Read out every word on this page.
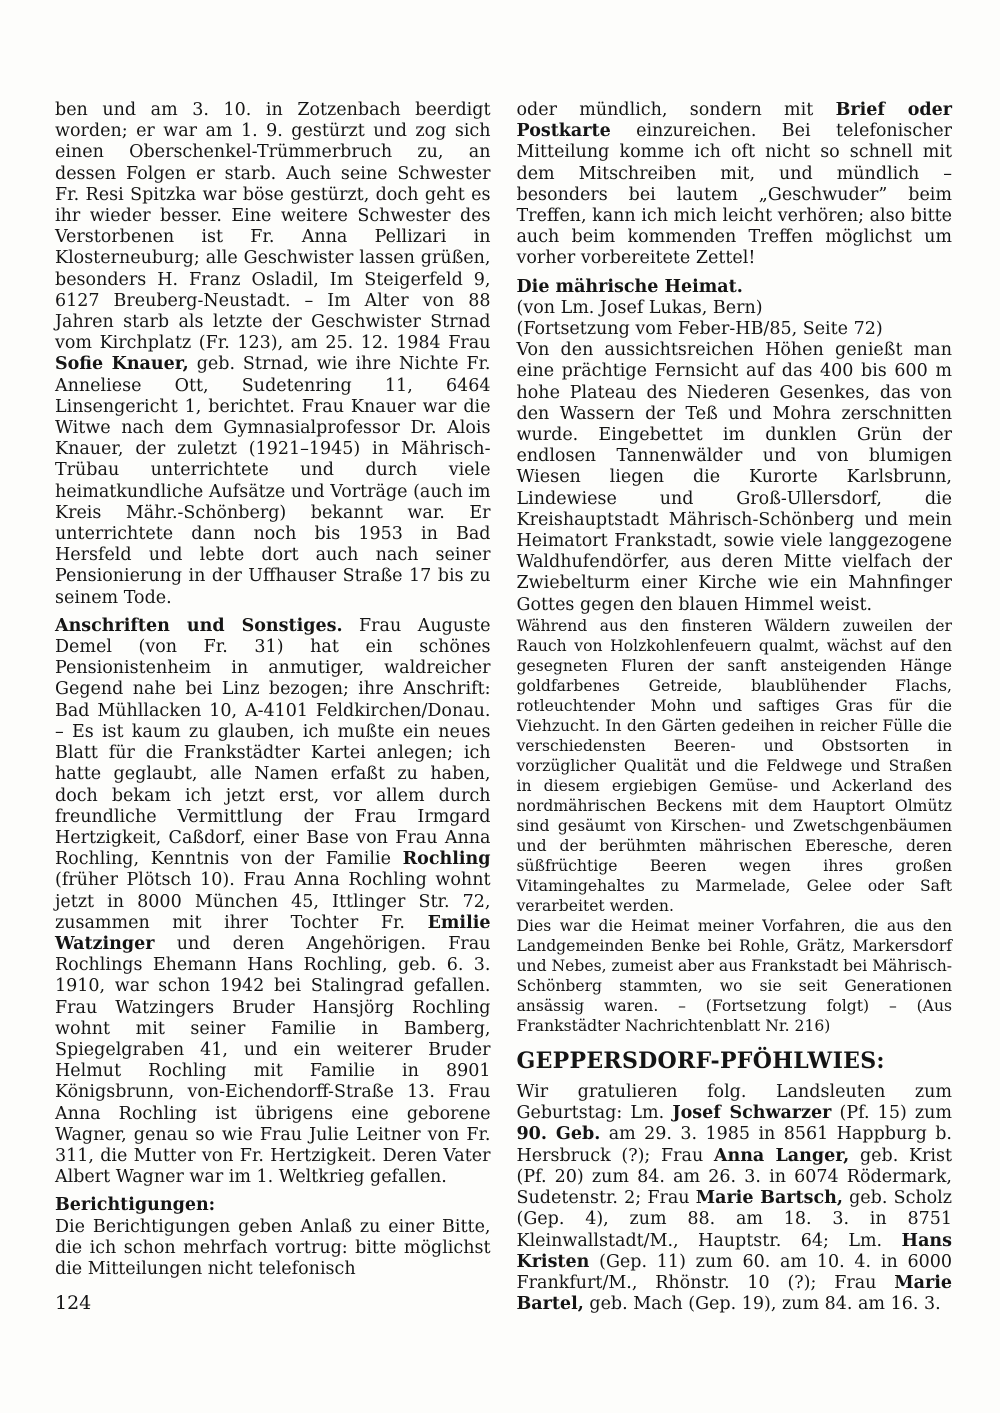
ben und am 3. 10. in Zotzenbach beerdigt worden; er war am 1. 9. gestürzt und zog sich einen Oberschenkel-Trümmerbruch zu, an dessen Folgen er starb. Auch seine Schwester Fr. Resi Spitzka war böse gestürzt, doch geht es ihr wieder besser. Eine weitere Schwester des Verstorbenen ist Fr. Anna Pellizari in Klosterneuburg; alle Geschwister lassen grüßen, besonders H. Franz Osladil, Im Steigerfeld 9, 6127 Breuberg-Neustadt. – Im Alter von 88 Jahren starb als letzte der Geschwister Strnad vom Kirchplatz (Fr. 123), am 25. 12. 1984 Frau Sofie Knauer, geb. Strnad, wie ihre Nichte Fr. Anneliese Ott, Sudetenring 11, 6464 Linsengericht 1, berichtet. Frau Knauer war die Witwe nach dem Gymnasialprofessor Dr. Alois Knauer, der zuletzt (1921–1945) in Mährisch-Trübau unterrichtete und durch viele heimatkundliche Aufsätze und Vorträge (auch im Kreis Mähr.-Schönberg) bekannt war. Er unterrichtete dann noch bis 1953 in Bad Hersfeld und lebte dort auch nach seiner Pensionierung in der Uffhauser Straße 17 bis zu seinem Tode.

Anschriften und Sonstiges. Frau Auguste Demel (von Fr. 31) hat ein schönes Pensionistenheim in anmutiger, waldreicher Gegend nahe bei Linz bezogen; ihre Anschrift: Bad Mühllacken 10, A-4101 Feldkirchen/Donau. – Es ist kaum zu glauben, ich mußte ein neues Blatt für die Frankstädter Kartei anlegen; ich hatte geglaubt, alle Namen erfaßt zu haben, doch bekam ich jetzt erst, vor allem durch freundliche Vermittlung der Frau Irmgard Hertzigkeit, Caßdorf, einer Base von Frau Anna Rochling, Kenntnis von der Familie Rochling (früher Plötsch 10). Frau Anna Rochling wohnt jetzt in 8000 München 45, Ittlinger Str. 72, zusammen mit ihrer Tochter Fr. Emilie Watzinger und deren Angehörigen. Frau Rochlings Ehemann Hans Rochling, geb. 6. 3. 1910, war schon 1942 bei Stalingrad gefallen. Frau Watzingers Bruder Hansjörg Rochling wohnt mit seiner Familie in Bamberg, Spiegelgraben 41, und ein weiterer Bruder Helmut Rochling mit Familie in 8901 Königsbrunn, von-Eichendorff-Straße 13. Frau Anna Rochling ist übrigens eine geborene Wagner, genau so wie Frau Julie Leitner von Fr. 311, die Mutter von Fr. Hertzigkeit. Deren Vater Albert Wagner war im 1. Weltkrieg gefallen.

Berichtigungen:

Die Berichtigungen geben Anlaß zu einer Bitte, die ich schon mehrfach vortrug: bitte möglichst die Mitteilungen nicht telefonisch

oder mündlich, sondern mit Brief oder Postkarte einzureichen. Bei telefonischer Mitteilung komme ich oft nicht so schnell mit dem Mitschreiben mit, und mündlich – besonders bei lautem „Geschwuder” beim Treffen, kann ich mich leicht verhören; also bitte auch beim kommenden Treffen möglichst um vorher vorbereitete Zettel!

Die mährische Heimat.

(von Lm. Josef Lukas, Bern)

(Fortsetzung vom Feber-HB/85, Seite 72)

Von den aussichtsreichen Höhen genießt man eine prächtige Fernsicht auf das 400 bis 600 m hohe Plateau des Niederen Gesenkes, das von den Wassern der Teß und Mohra zerschnitten wurde. Eingebettet im dunklen Grün der endlosen Tannenwälder und von blumigen Wiesen liegen die Kurorte Karlsbrunn, Lindewiese und Groß-Ullersdorf, die Kreishauptstadt Mährisch-Schönberg und mein Heimatort Frankstadt, sowie viele langgezogene Waldhufendörfer, aus deren Mitte vielfach der Zwiebelturm einer Kirche wie ein Mahnfinger Gottes gegen den blauen Himmel weist.

Während aus den finsteren Wäldern zuweilen der Rauch von Holzkohlenfeuern qualmt, wächst auf den gesegneten Fluren der sanft ansteigenden Hänge goldfarbenes Getreide, blaublühender Flachs, rotleuchtender Mohn und saftiges Gras für die Viehzucht. In den Gärten gedeihen in reicher Fülle die verschiedensten Beeren- und Obstsorten in vorzüglicher Qualität und die Feldwege und Straßen in diesem ergiebigen Gemüse- und Ackerland des nordmährischen Beckens mit dem Hauptort Olmütz sind gesäumt von Kirschen- und Zwetschgenbäumen und der berühmten mährischen Eberesche, deren süßfrüchtige Beeren wegen ihres großen Vitamingehaltes zu Marmelade, Gelee oder Saft verarbeitet werden.

Dies war die Heimat meiner Vorfahren, die aus den Landgemeinden Benke bei Rohle, Grätz, Markersdorf und Nebes, zumeist aber aus Frankstadt bei Mährisch-Schönberg stammten, wo sie seit Generationen ansässig waren. – (Fortsetzung folgt) – (Aus Frankstädter Nachrichtenblatt Nr. 216)

GEPPERSDORF-PFÖHLWIES:

Wir gratulieren folg. Landsleuten zum Geburtstag: Lm. Josef Schwarzer (Pf. 15) zum 90. Geb. am 29. 3. 1985 in 8561 Happburg b. Hersbruck (?); Frau Anna Langer, geb. Krist (Pf. 20) zum 84. am 26. 3. in 6074 Rödermark, Sudetenstr. 2; Frau Marie Bartsch, geb. Scholz (Gep. 4), zum 88. am 18. 3. in 8751 Kleinwallstadt/M., Hauptstr. 64; Lm. Hans Kristen (Gep. 11) zum 60. am 10. 4. in 6000 Frankfurt/M., Rhönstr. 10 (?); Frau Marie Bartel, geb. Mach (Gep. 19), zum 84. am 16. 3.

124
